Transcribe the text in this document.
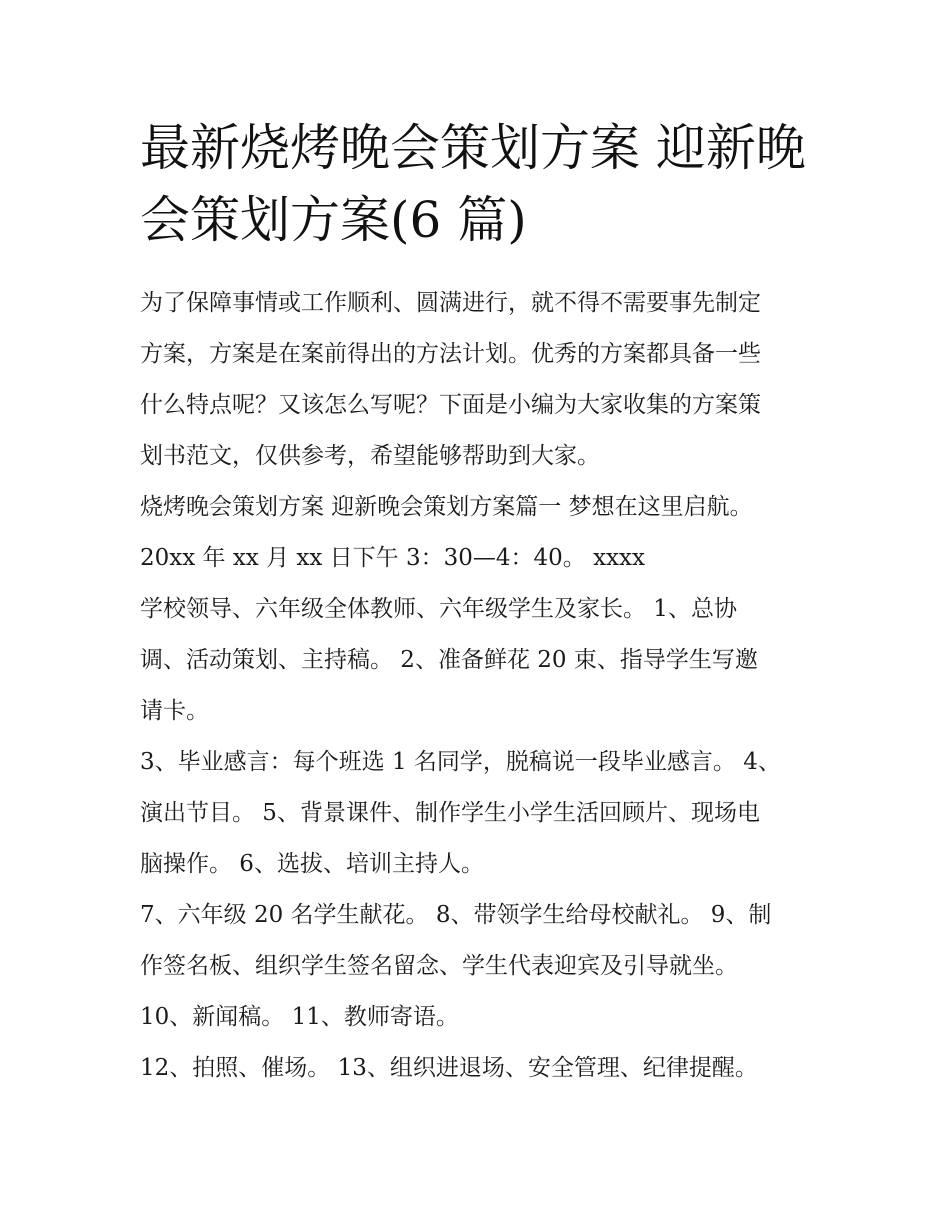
最新烧烤晚会策划方案 迎新晚
会策划方案(6 篇)

为了保障事情或工作顺利、圆满进行，就不得不需要事先制定
方案，方案是在案前得出的方法计划。优秀的方案都具备一些
什么特点呢？又该怎么写呢？下面是小编为大家收集的方案策
划书范文，仅供参考，希望能够帮助到大家。

烧烤晚会策划方案 迎新晚会策划方案篇一 梦想在这里启航。

20xx 年 xx 月 xx 日下午 3：30—4：40。 xxxx

学校领导、六年级全体教师、六年级学生及家长。 1、总协
调、活动策划、主持稿。 2、准备鲜花 20 束、指导学生写邀
请卡。

3、毕业感言：每个班选 1 名同学，脱稿说一段毕业感言。 4、
演出节目。 5、背景课件、制作学生小学生活回顾片、现场电
脑操作。 6、选拔、培训主持人。

7、六年级 20 名学生献花。 8、带领学生给母校献礼。 9、制
作签名板、组织学生签名留念、学生代表迎宾及引导就坐。

10、新闻稿。 11、教师寄语。

12、拍照、催场。 13、组织进退场、安全管理、纪律提醒。
